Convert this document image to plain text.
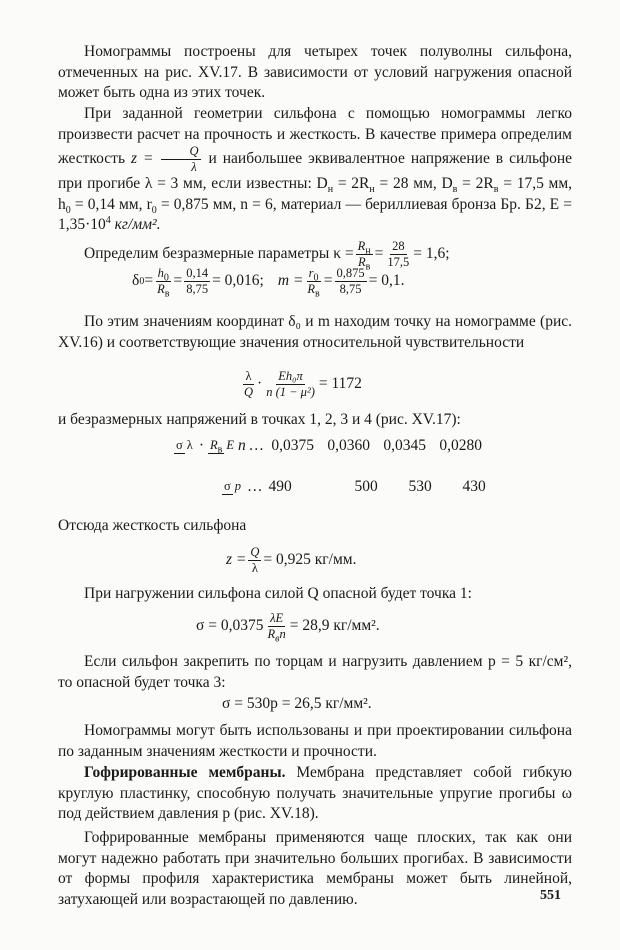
Номограммы построены для четырех точек полуволны сильфона, отмеченных на рис. XV.17. В зависимости от условий нагружения опасной может быть одна из этих точек.

При заданной геометрии сильфона с помощью номограммы легко произвести расчет на прочность и жесткость. В качестве примера определим жесткость $z = \frac{Q}{\lambda}$ и наибольшее эквивалентное напряжение в сильфоне при прогибе λ = 3 мм, если известны: $D_н = 2R_н = 28$ мм, $D_в = 2R_в = 17,5$ мм, $h_0 = 0,14$ мм, $r_0 = 0,875$ мм, n = 6, материал — бериллиевая бронза Бр. Б2, $E = 1,35\cdot 10^4$ кг/мм².

Определим безразмерные параметры $\kappa = \frac{R_н}{R_в} = \frac{28}{17,5} = 1,6$;
δ $0 = \frac{h_0}{R_в} = \frac{0,14}{8,75} = 0,016$; $m = \frac{r_0}{R_в} = \frac{0,875}{8,75} = 0,1$.

По этим значениям координат δ₀ и m находим точку на номограмме (рис. XV.16) и соответствующие значения относительной чувствительности

$\frac{\lambda}{Q} \cdot \frac{\text{Eh₀π}}{\text{n (1 − μ²)}} = 1172$

и безразмерных напряжений в точках 1, 2, 3 и 4 (рис. XV.17):

σ $\lambda \cdot R_в$ E n … 0,0375 0,0360 0,0345 0,0280
σ p … 490	500	530	430

Отсюда жесткость сильфона

$z = \frac{Q}{\lambda} = 0,925$ кг/мм.

При нагружении сильфона силой Q опасной будет точка 1:

$\sigma = 0,0375 \frac{\lambda E}{R_вn} = 28,9$ кг/мм².

Если сильфон закрепить по торцам и нагрузить давлением p = 5 кг/см², то опасной будет точка 3:

σ = 530p = 26,5 кг/мм².

Номограммы могут быть использованы и при проектировании сильфона по заданным значениям жесткости и прочности.

Гофрированные мембраны. Мембрана представляет собой гибкую круглую пластинку, способную получать значительные упругие прогибы ω под действием давления p (рис. XV.18).

Гофрированные мембраны применяются чаще плоских, так как они могут надежно работать при значительно больших прогибах. В зависимости от формы профиля характеристика мембраны может быть линейной, затухающей или возрастающей по давлению.	551
